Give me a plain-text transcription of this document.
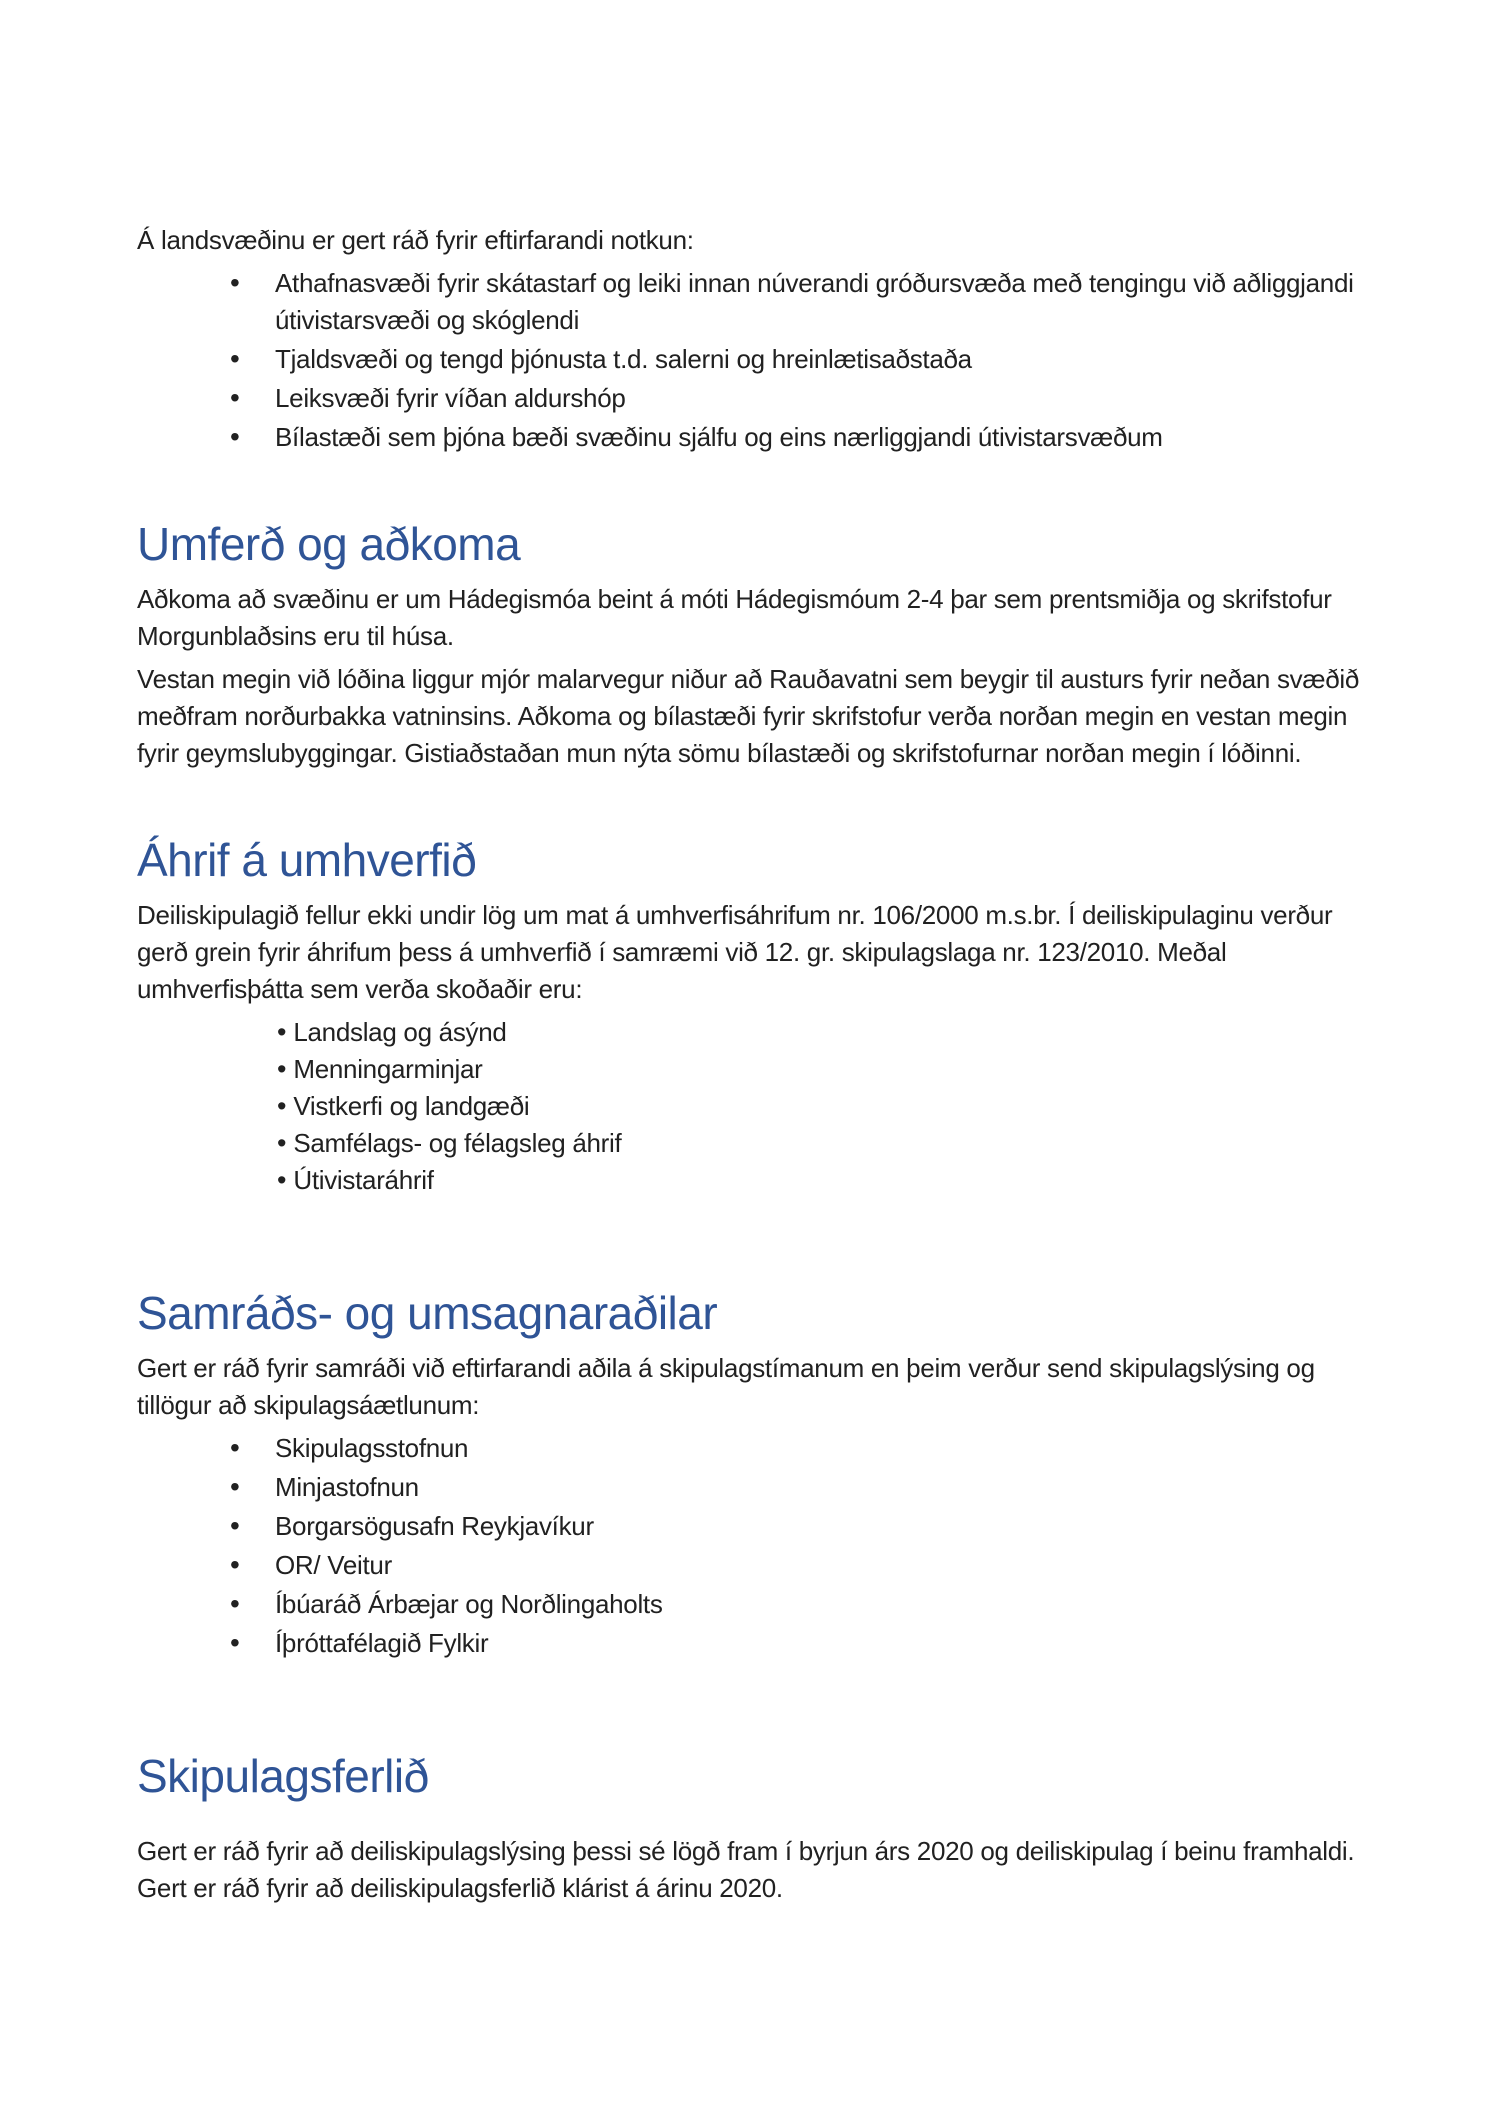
Á landsvæðinu er gert ráð fyrir eftirfarandi notkun:

• Athafnasvæði fyrir skátastarf og leiki innan núverandi gróðursvæða með tengingu við aðliggjandi útivistarsvæði og skóglendi
• Tjaldsvæði og tengd þjónusta t.d. salerni og hreinlætisaðstaða
• Leiksvæði fyrir víðan aldurshóp
• Bílastæði sem þjóna bæði svæðinu sjálfu og eins nærliggjandi útivistarsvæðum
Umferð og aðkoma

Aðkoma að svæðinu er um Hádegismóa beint á móti Hádegismóum 2-4 þar sem prentsmiðja og skrifstofur Morgunblaðsins eru til húsa.

Vestan megin við lóðina liggur mjór malarvegur niður að Rauðavatni sem beygir til austurs fyrir neðan svæðið meðfram norðurbakka vatninsins. Aðkoma og bílastæði fyrir skrifstofur verða norðan megin en vestan megin fyrir geymslubyggingar. Gistiaðstaðan mun nýta sömu bílastæði og skrifstofurnar norðan megin í lóðinni.

Áhrif á umhverfið

Deiliskipulagið fellur ekki undir lög um mat á umhverfisáhrifum nr. 106/2000 m.s.br. Í deiliskipulaginu verður gerð grein fyrir áhrifum þess á umhverfið í samræmi við 12. gr. skipulagslaga nr. 123/2010. Meðal umhverfisþátta sem verða skoðaðir eru:

• Landslag og ásýnd
• Menningarminjar
• Vistkerfi og landgæði
• Samfélags- og félagsleg áhrif
• Útivistaráhrif
Samráðs- og umsagnaraðilar

Gert er ráð fyrir samráði við eftirfarandi aðila á skipulagstímanum en þeim verður send skipulagslýsing og tillögur að skipulagsáætlunum:

• Skipulagsstofnun
• Minjastofnun
• Borgarsögusafn Reykjavíkur
• OR/ Veitur
• Íbúaráð Árbæjar og Norðlingaholts
• Íþróttafélagið Fylkir
Skipulagsferlið

Gert er ráð fyrir að deiliskipulagslýsing þessi sé lögð fram í byrjun árs 2020 og deiliskipulag í beinu framhaldi. Gert er ráð fyrir að deiliskipulagsferlið klárist á árinu 2020.
